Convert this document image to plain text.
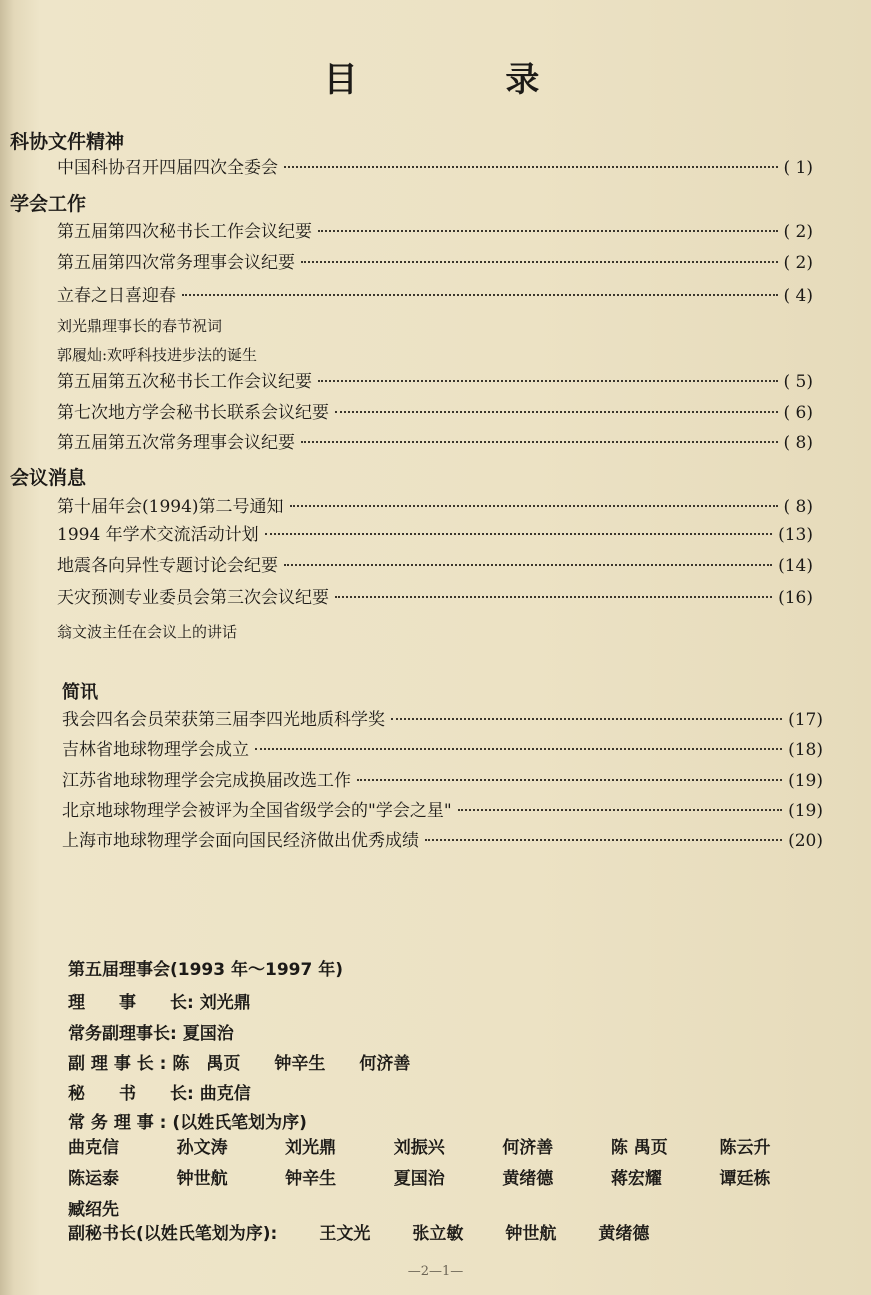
目 录
科协文件精神
中国科协召开四届四次全委会	( 1)
学会工作
第五届第四次秘书长工作会议纪要	( 2)
第五届第四次常务理事会议纪要	( 2)
立春之日喜迎春	( 4)
刘光鼎理事长的春节祝词
郭履灿:欢呼科技进步法的诞生
第五届第五次秘书长工作会议纪要	( 5)
第七次地方学会秘书长联系会议纪要	( 6)
第五届第五次常务理事会议纪要	( 8)
会议消息
第十届年会(1994)第二号通知	( 8)
1994 年学术交流活动计划	(13)
地震各向异性专题讨论会纪要	(14)
天灾预测专业委员会第三次会议纪要	(16)
翁文波主任在会议上的讲话
简讯
我会四名会员荣获第三届李四光地质科学奖	(17)
吉林省地球物理学会成立	(18)
江苏省地球物理学会完成换届改选工作	(19)
北京地球物理学会被评为全国省级学会的"学会之星"	(19)
上海市地球物理学会面向国民经济做出优秀成绩	(20)
第五届理事会(1993 年～1997 年)
理　　事　　长: 刘光鼎
常务副理事长: 夏国治
副 理 事 长 : 陈　禺页　　钟辛生　　何济善
秘　　书　　长: 曲克信
常 务 理 事 : (以姓氏笔划为序)
曲克信	孙文涛	刘光鼎	刘振兴	何济善	陈 禺页	陈云升
陈运泰	钟世航	钟辛生	夏国治	黄绪德	蒋宏耀	谭廷栋
臧绍先
副秘书长(以姓氏笔划为序): 王文光 张立敏 钟世航 黄绪德
—2—1—
